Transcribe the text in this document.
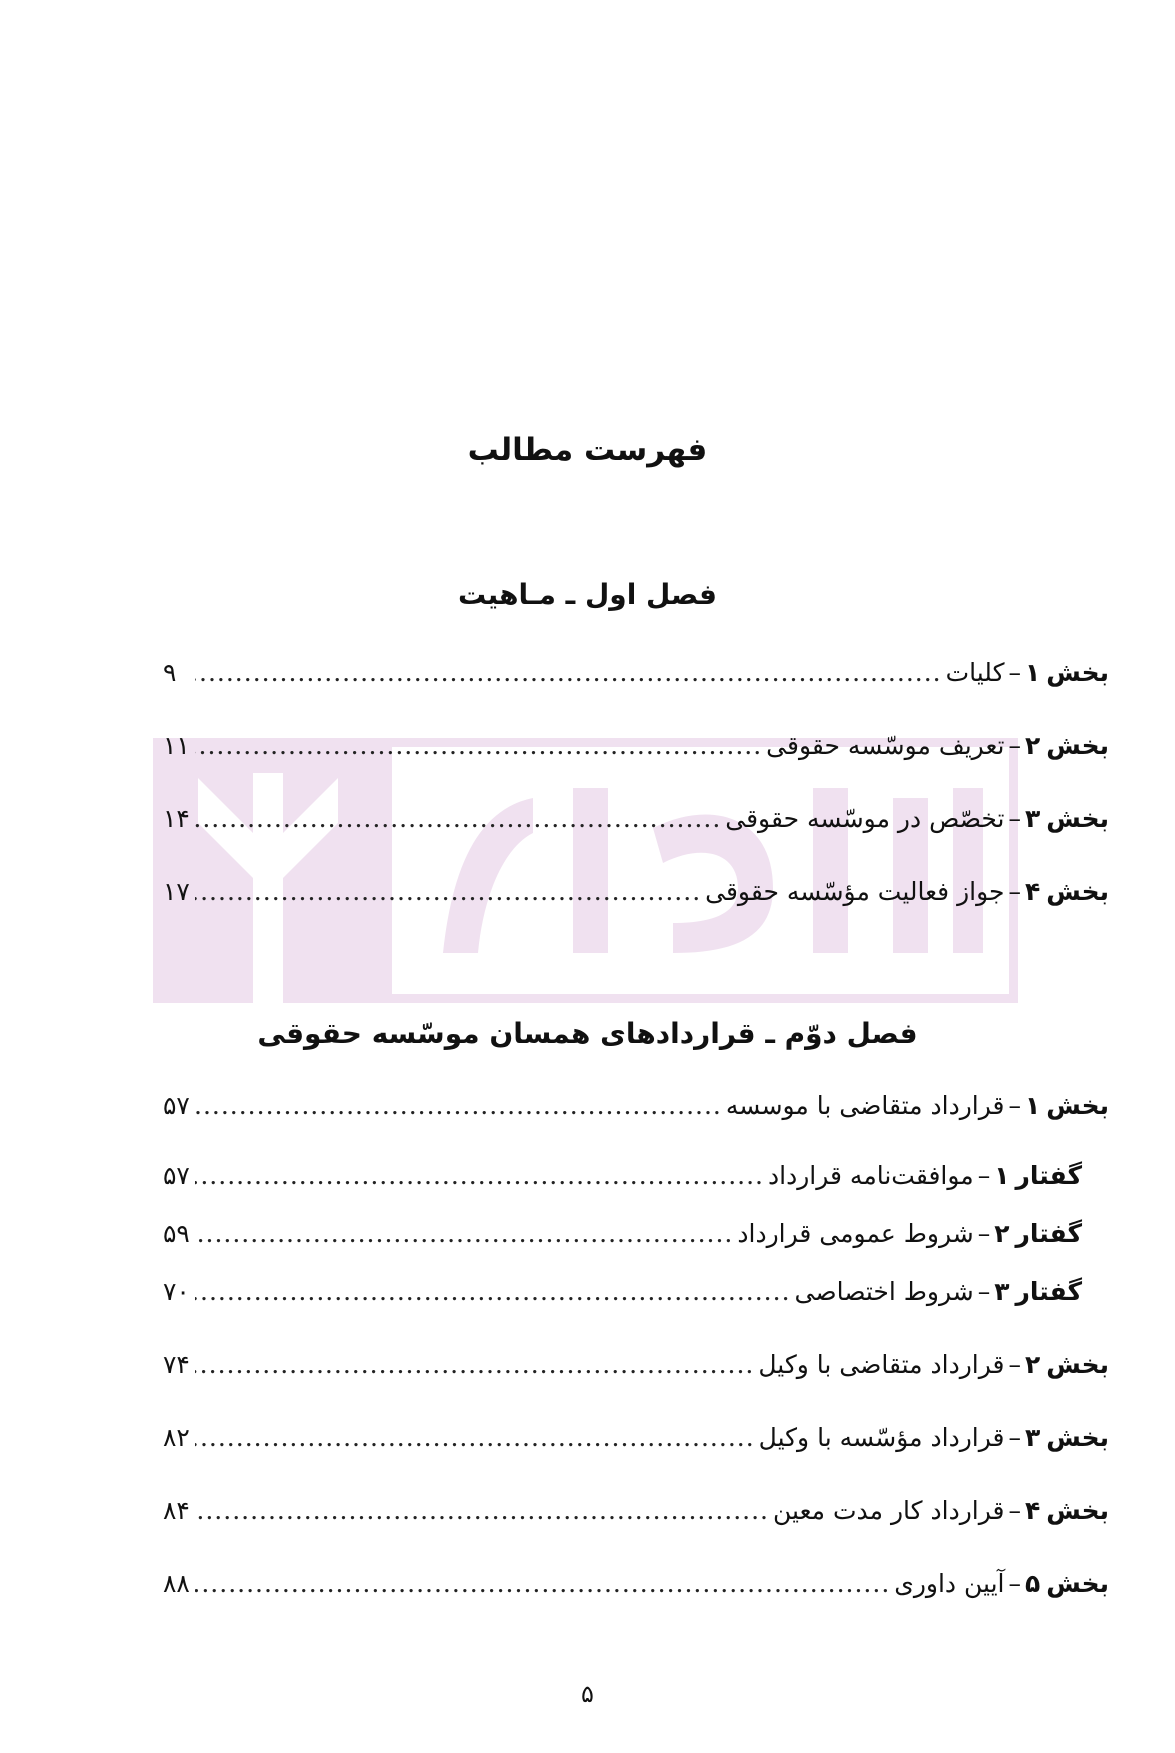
فهرست مطالب
فصل اول ـ مـاهیت
بخش
۱
–
کلیات
.....
۹
بخش
۲
–
تعریف موسّسه حقوقی
.....
۱۱
بخش
۳
–
تخصّص در موسّسه حقوقی
.....
۱۴
بخش
۴
–
جواز فعالیت مؤسّسه حقوقی
.....
۱۷
فصل دوّم ـ قراردادهای همسان موسّسه حقوقی
بخش
۱
–
قرارداد متقاضی با موسسه
.....
۵۷
گفتار
۱
–
موافقت‌نامه قرارداد
.....
۵۷
گفتار
۲
–
شروط عمومی قرارداد
.....
۵۹
گفتار
۳
–
شروط اختصاصی
.....
۷۰
بخش
۲
–
قرارداد متقاضی با وکیل
.....
۷۴
بخش
۳
–
قرارداد مؤسّسه با وکیل
.....
۸۲
بخش
۴
–
قرارداد کار مدت معین
.....
۸۴
بخش
۵
–
آیین داوری
.....
۸۸
۵
